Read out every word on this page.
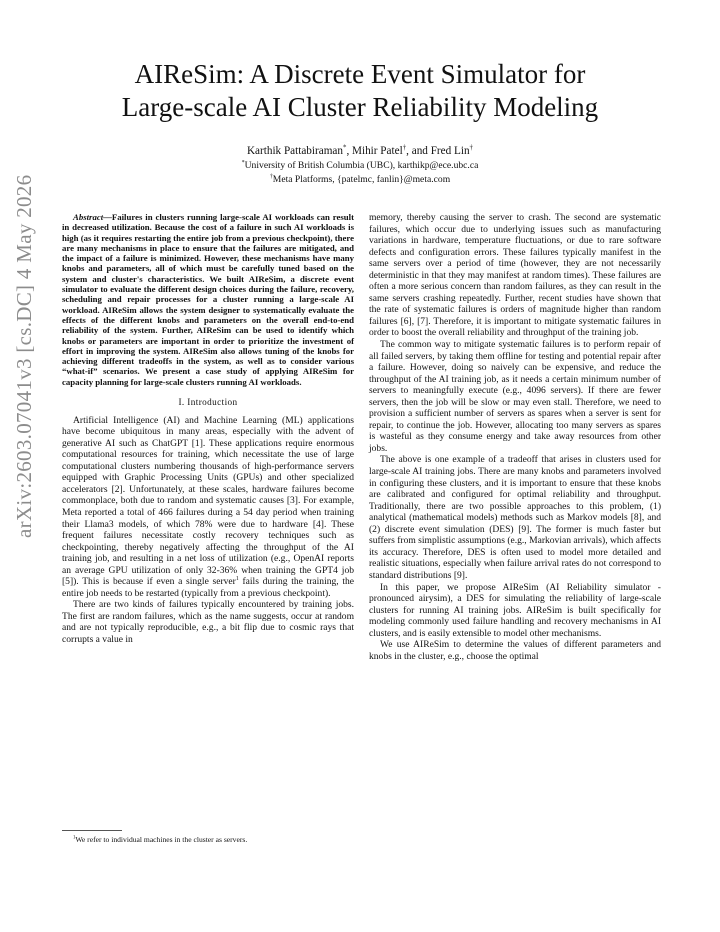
arXiv:2603.07041v3 [cs.DC] 4 May 2026
AIReSim: A Discrete Event Simulator for
Large-scale AI Cluster Reliability Modeling
Karthik Pattabiraman*, Mihir Patel†, and Fred Lin†
*University of British Columbia (UBC), karthikp@ece.ubc.ca
†Meta Platforms, {patelmc, fanlin}@meta.com

Abstract—Failures in clusters running large-scale AI workloads can result in decreased utilization. Because the cost of a failure in such AI workloads is high (as it requires restarting the entire job from a previous checkpoint), there are many mechanisms in place to ensure that the failures are mitigated, and the impact of a failure is minimized. However, these mechanisms have many knobs and parameters, all of which must be carefully tuned based on the system and cluster's characteristics. We built AIReSim, a discrete event simulator to evaluate the different design choices during the failure, recovery, scheduling and repair processes for a cluster running a large-scale AI workload. AIReSim allows the system designer to systematically evaluate the effects of the different knobs and parameters on the overall end-to-end reliability of the system. Further, AIReSim can be used to identify which knobs or parameters are important in order to prioritize the investment of effort in improving the system. AIReSim also allows tuning of the knobs for achieving different tradeoffs in the system, as well as to consider various “what-if” scenarios. We present a case study of applying AIReSim for capacity planning for large-scale clusters running AI workloads.

I. Introduction

Artificial Intelligence (AI) and Machine Learning (ML) applications have become ubiquitous in many areas, especially with the advent of generative AI such as ChatGPT [1]. These applications require enormous computational resources for training, which necessitate the use of large computational clusters numbering thousands of high-performance servers equipped with Graphic Processing Units (GPUs) and other specialized accelerators [2]. Unfortunately, at these scales, hardware failures become commonplace, both due to random and systematic causes [3]. For example, Meta reported a total of 466 failures during a 54 day period when training their Llama3 models, of which 78% were due to hardware [4]. These frequent failures necessitate costly recovery techniques such as checkpointing, thereby negatively affecting the throughput of the AI training job, and resulting in a net loss of utilization (e.g., OpenAI reports an average GPU utilization of only 32-36% when training the GPT4 job [5]). This is because if even a single server$^1$ fails during the training, the entire job needs to be restarted (typically from a previous checkpoint).

There are two kinds of failures typically encountered by training jobs. The first are random failures, which as the name suggests, occur at random and are not typically reproducible, e.g., a bit flip due to cosmic rays that corrupts a value in

memory, thereby causing the server to crash. The second are systematic failures, which occur due to underlying issues such as manufacturing variations in hardware, temperature fluctuations, or due to rare software defects and configuration errors. These failures typically manifest in the same servers over a period of time (however, they are not necessarily deterministic in that they may manifest at random times). These failures are often a more serious concern than random failures, as they can result in the same servers crashing repeatedly. Further, recent studies have shown that the rate of systematic failures is orders of magnitude higher than random failures [6], [7]. Therefore, it is important to mitigate systematic failures in order to boost the overall reliability and throughput of the training job.

The common way to mitigate systematic failures is to perform repair of all failed servers, by taking them offline for testing and potential repair after a failure. However, doing so naively can be expensive, and reduce the throughput of the AI training job, as it needs a certain minimum number of servers to meaningfully execute (e.g., 4096 servers). If there are fewer servers, then the job will be slow or may even stall. Therefore, we need to provision a sufficient number of servers as spares when a server is sent for repair, to continue the job. However, allocating too many servers as spares is wasteful as they consume energy and take away resources from other jobs.

The above is one example of a tradeoff that arises in clusters used for large-scale AI training jobs. There are many knobs and parameters involved in configuring these clusters, and it is important to ensure that these knobs are calibrated and configured for optimal reliability and throughput. Traditionally, there are two possible approaches to this problem, (1) analytical (mathematical models) methods such as Markov models [8], and (2) discrete event simulation (DES) [9]. The former is much faster but suffers from simplistic assumptions (e.g., Markovian arrivals), which affects its accuracy. Therefore, DES is often used to model more detailed and realistic situations, especially when failure arrival rates do not correspond to standard distributions [9].

In this paper, we propose AIReSim (AI Reliability simulator - pronounced airysim), a DES for simulating the reliability of large-scale clusters for running AI training jobs. AIReSim is built specifically for modeling commonly used failure handling and recovery mechanisms in AI clusters, and is easily extensible to model other mechanisms.

We use AIReSim to determine the values of different parameters and knobs in the cluster, e.g., choose the optimal

$^1$We refer to individual machines in the cluster as servers.
